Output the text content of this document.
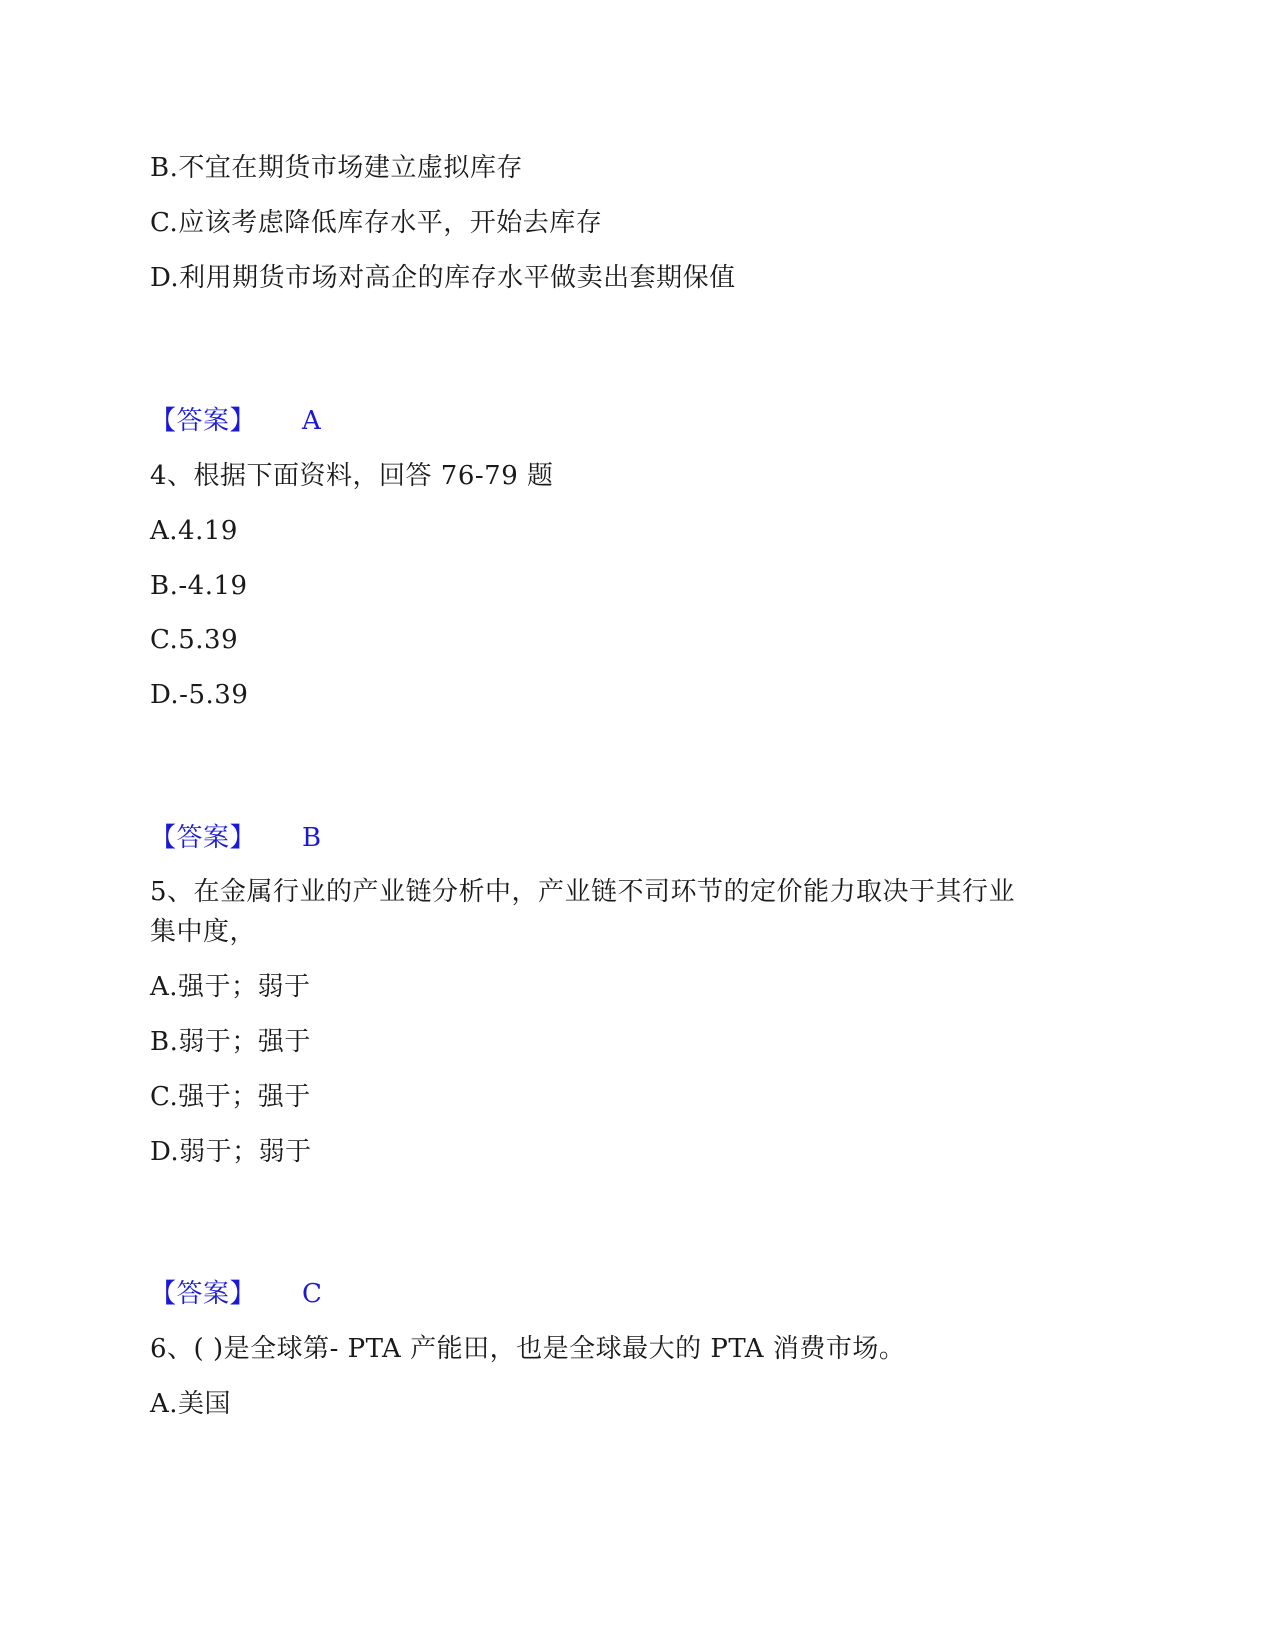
B.不宜在期货市场建立虚拟库存
C.应该考虑降低库存水平，开始去库存
D.利用期货市场对高企的库存水平做卖出套期保值
【答案】 A
4、根据下面资料，回答 76-79 题
A.4.19
B.-4.19
C.5.39
D.-5.39
【答案】 B
5、在金属行业的产业链分析中，产业链不司环节的定价能力取决于其行业
集中度，
A.强于；弱于
B.弱于；强于
C.强于；强于
D.弱于；弱于
【答案】 C
6、( )是全球第- PTA 产能田，也是全球最大的 PTA 消费市场。
A.美国
